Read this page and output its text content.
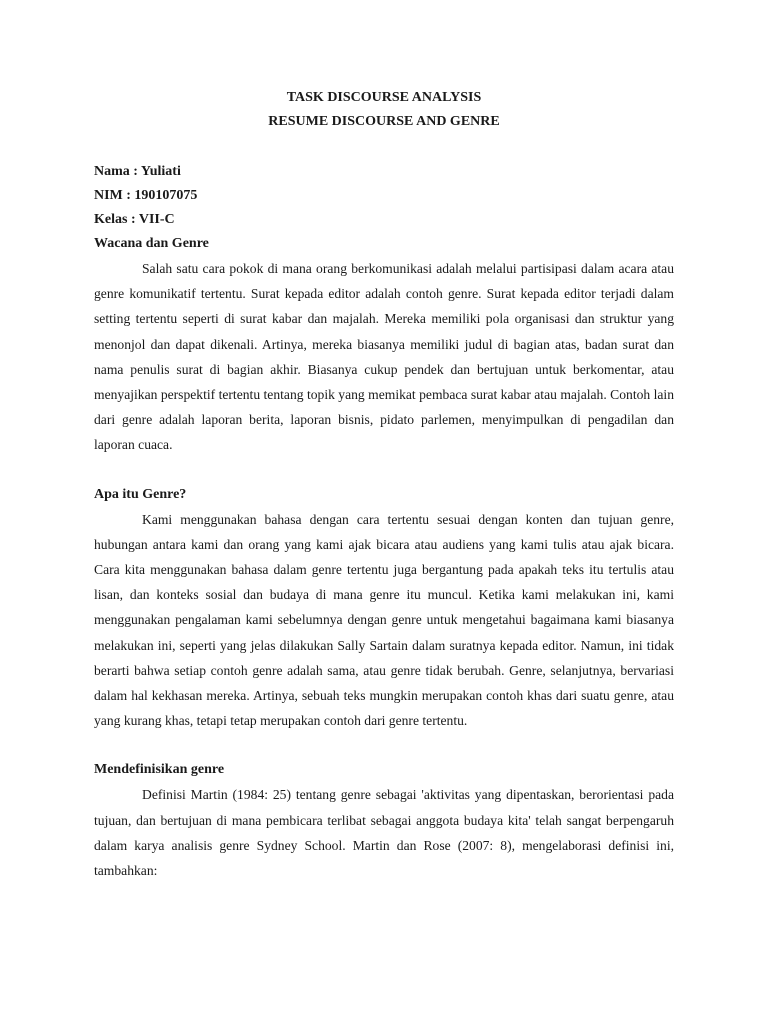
TASK DISCOURSE ANALYSIS

RESUME DISCOURSE AND GENRE

Nama : Yuliati
NIM : 190107075
Kelas : VII-C

Wacana dan Genre

Salah satu cara pokok di mana orang berkomunikasi adalah melalui partisipasi dalam acara atau genre komunikatif tertentu. Surat kepada editor adalah contoh genre. Surat kepada editor terjadi dalam setting tertentu seperti di surat kabar dan majalah. Mereka memiliki pola organisasi dan struktur yang menonjol dan dapat dikenali. Artinya, mereka biasanya memiliki judul di bagian atas, badan surat dan nama penulis surat di bagian akhir. Biasanya cukup pendek dan bertujuan untuk berkomentar, atau menyajikan perspektif tertentu tentang topik yang memikat pembaca surat kabar atau majalah. Contoh lain dari genre adalah laporan berita, laporan bisnis, pidato parlemen, menyimpulkan di pengadilan dan laporan cuaca.

Apa itu Genre?

Kami menggunakan bahasa dengan cara tertentu sesuai dengan konten dan tujuan genre, hubungan antara kami dan orang yang kami ajak bicara atau audiens yang kami tulis atau ajak bicara. Cara kita menggunakan bahasa dalam genre tertentu juga bergantung pada apakah teks itu tertulis atau lisan, dan konteks sosial dan budaya di mana genre itu muncul. Ketika kami melakukan ini, kami menggunakan pengalaman kami sebelumnya dengan genre untuk mengetahui bagaimana kami biasanya melakukan ini, seperti yang jelas dilakukan Sally Sartain dalam suratnya kepada editor. Namun, ini tidak berarti bahwa setiap contoh genre adalah sama, atau genre tidak berubah. Genre, selanjutnya, bervariasi dalam hal kekhasan mereka. Artinya, sebuah teks mungkin merupakan contoh khas dari suatu genre, atau yang kurang khas, tetapi tetap merupakan contoh dari genre tertentu.

Mendefinisikan genre

Definisi Martin (1984: 25) tentang genre sebagai 'aktivitas yang dipentaskan, berorientasi pada tujuan, dan bertujuan di mana pembicara terlibat sebagai anggota budaya kita' telah sangat berpengaruh dalam karya analisis genre Sydney School. Martin dan Rose (2007: 8), mengelaborasi definisi ini, tambahkan:
